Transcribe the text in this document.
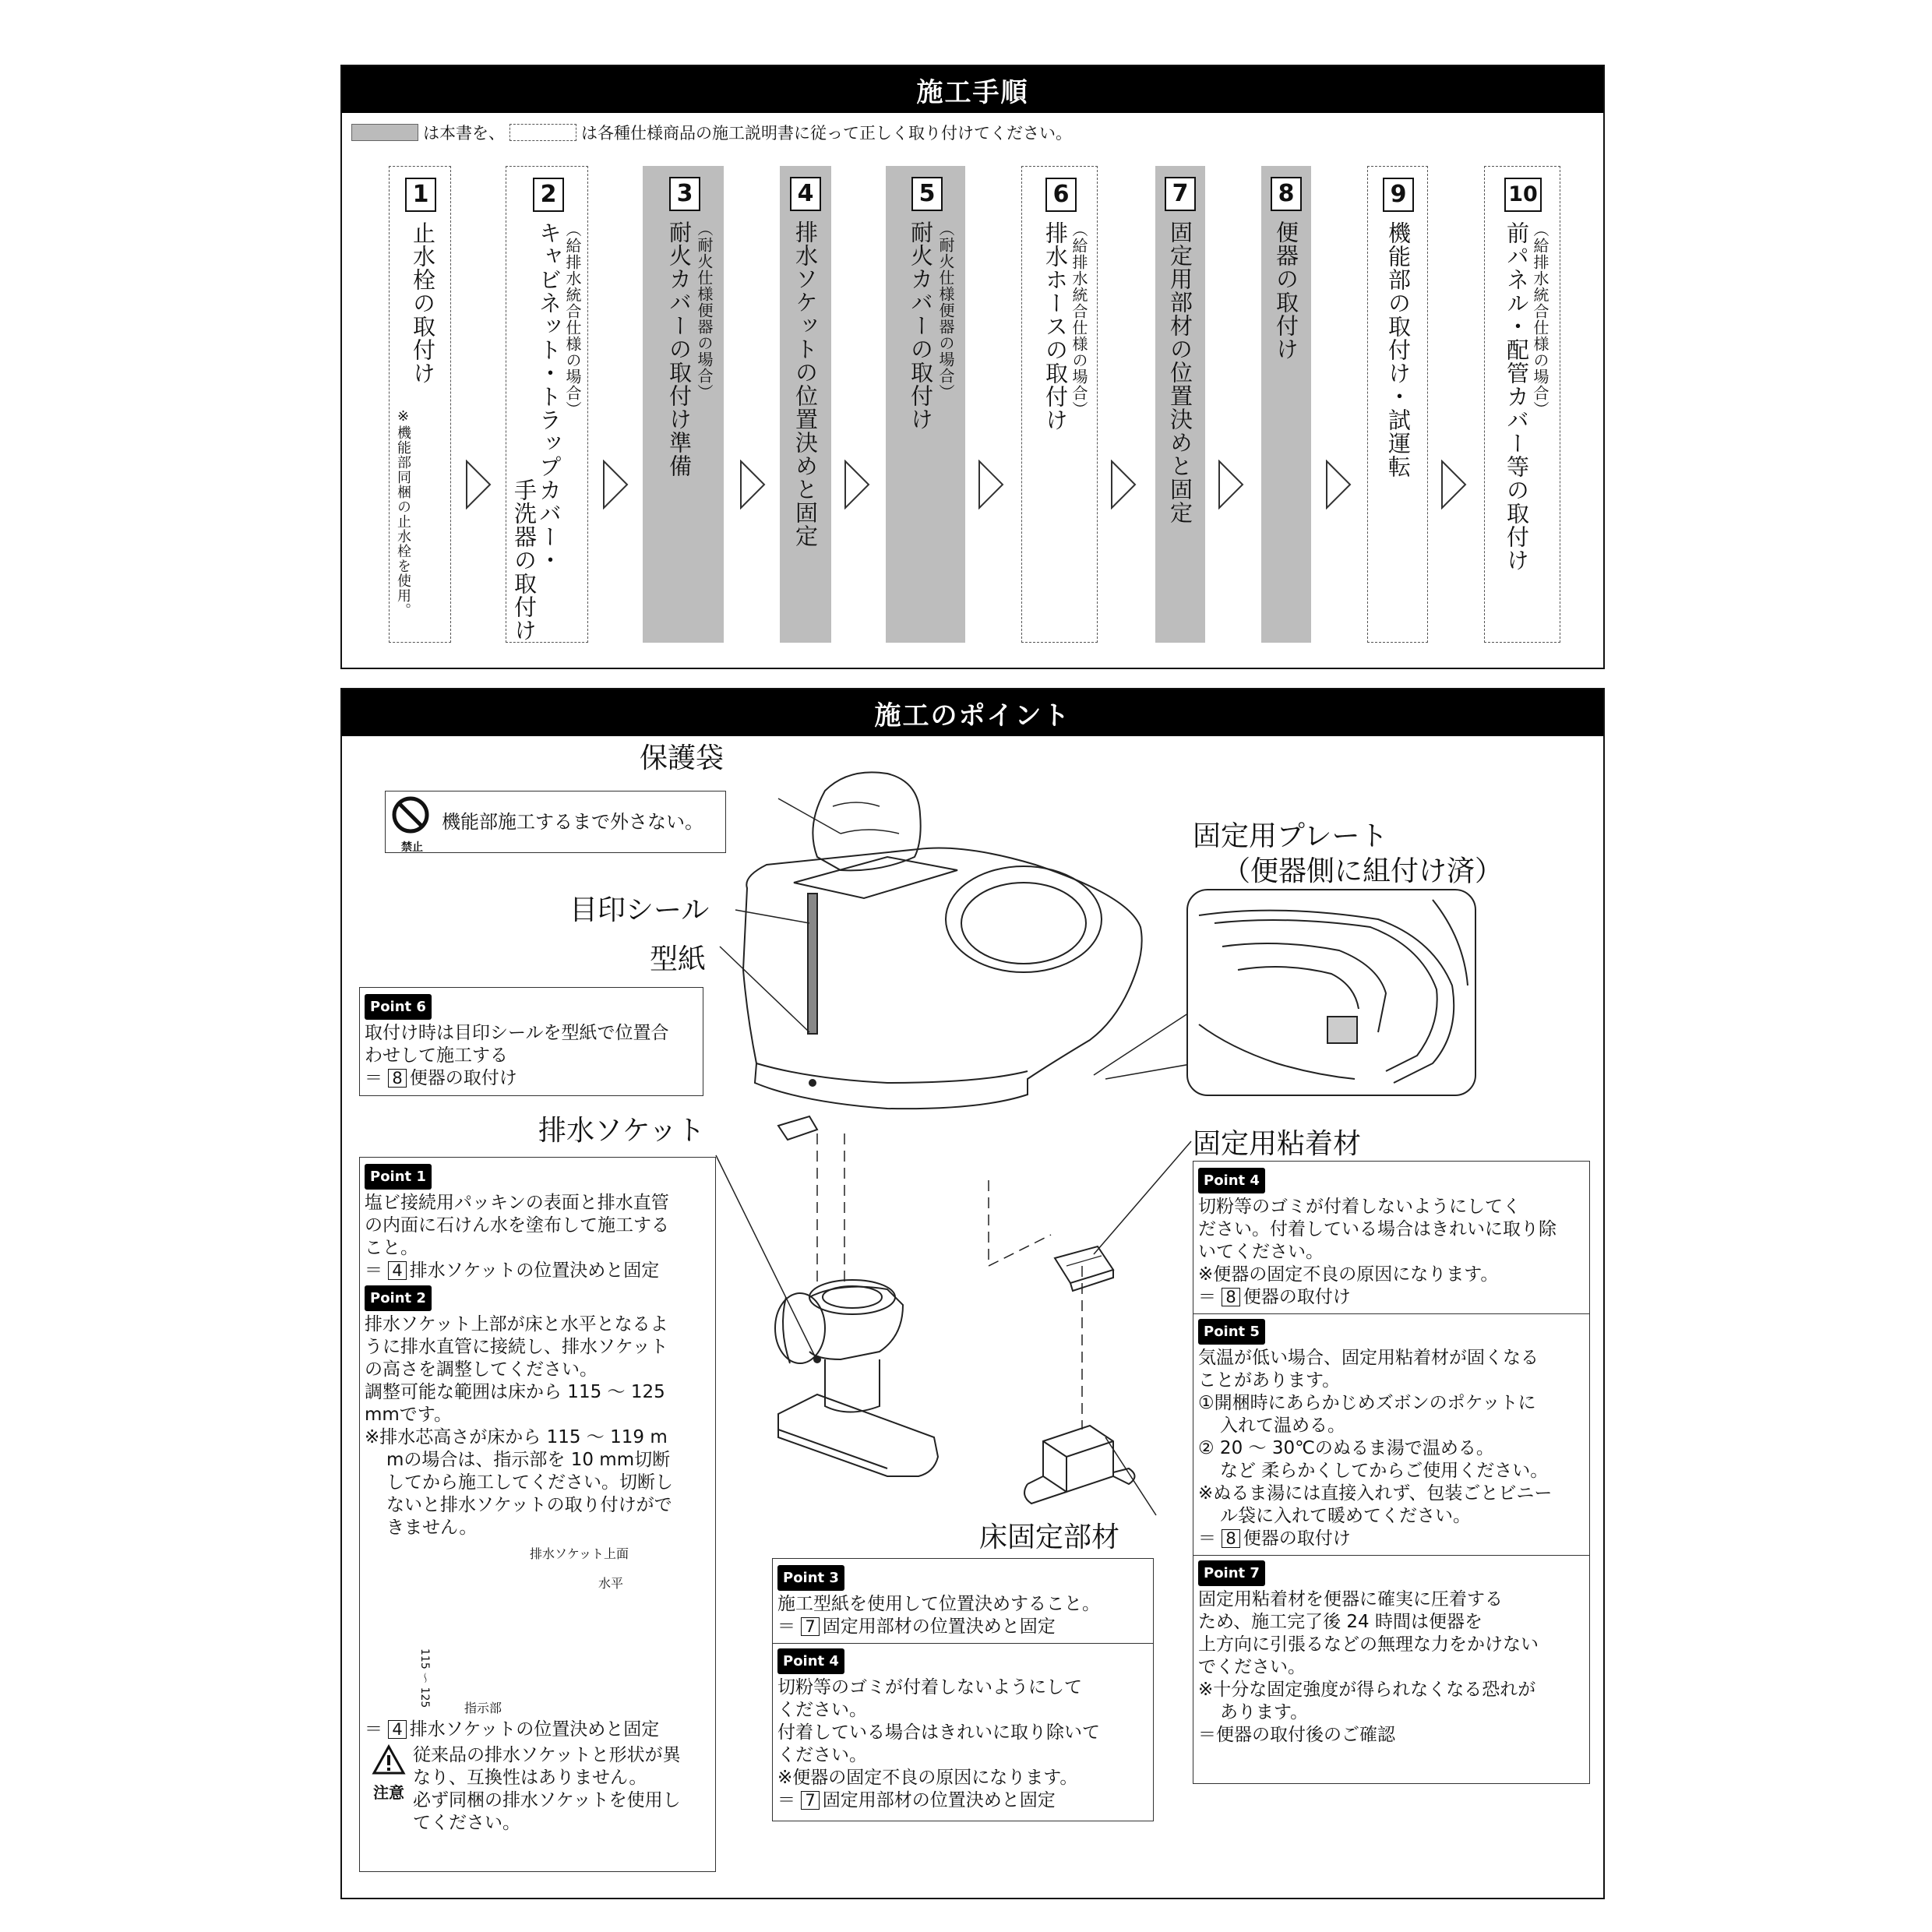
施工手順
は本書を、	は各種仕様商品の施工説明書に従って正しく取り付けてください。
1
止水栓の取付け
※機能部同梱の止水栓を使用。
2
（給排水統合仕様の場合）
キャビネット・トラップカバー・
手洗器の取付け
3
（耐火仕様便器の場合）
耐火カバーの取付け準備
4
排水ソケットの位置決めと固定
5
（耐火仕様便器の場合）
耐火カバーの取付け
6
（給排水統合仕様の場合）
排水ホースの取付け
7
固定用部材の位置決めと固定
8
便器の取付け
9
機能部の取付け・試運転
10
（給排水統合仕様の場合）
前パネル・配管カバー等の取付け
施工のポイント
保護袋
目印シール
型紙
排水ソケット
固定用プレート
（便器側に組付け済）
固定用粘着材
床固定部材
禁止
機能部施工するまで外さない。
Point 6
取付け時は目印シールを型紙で位置合
わせして施工する
＝ 8 便器の取付け
Point 1
塩ビ接続用パッキンの表面と排水直管
の内面に石けん水を塗布して施工する
こと。
＝ 4 排水ソケットの位置決めと固定
Point 2
排水ソケット上部が床と水平となるよ
うに排水直管に接続し、排水ソケット
の高さを調整してください。
調整可能な範囲は床から 115 ～ 125
mmです。
※排水芯高さが床から 115 ～ 119 m
mの場合は、指示部を 10 mm切断
してから施工してください。切断し
ないと排水ソケットの取り付けがで
きません。
排水ソケット上面
水平
115 ～ 125
指示部
＝ 4 排水ソケットの位置決めと固定
注意
従来品の排水ソケットと形状が異
なり、互換性はありません。
必ず同梱の排水ソケットを使用し
てください。
Point 3
施工型紙を使用して位置決めすること。
＝ 7 固定用部材の位置決めと固定
Point 4
切粉等のゴミが付着しないようにして
ください。
付着している場合はきれいに取り除いて
ください。
※便器の固定不良の原因になります。
＝ 7 固定用部材の位置決めと固定
Point 4
切粉等のゴミが付着しないようにしてく
ださい。付着している場合はきれいに取り除
いてください。
※便器の固定不良の原因になります。
＝ 8 便器の取付け
Point 5
気温が低い場合、固定用粘着材が固くなる
ことがあります。
①開梱時にあらかじめズボンのポケットに
入れて温める。
② 20 ～ 30℃のぬるま湯で温める。
など 柔らかくしてからご使用ください。
※ぬるま湯には直接入れず、包装ごとビニー
ル袋に入れて暖めてください。
＝ 8 便器の取付け
Point 7
固定用粘着材を便器に確実に圧着する
ため、施工完了後 24 時間は便器を
上方向に引張るなどの無理な力をかけない
でください。
※十分な固定強度が得られなくなる恐れが
あります。
＝便器の取付後のご確認
